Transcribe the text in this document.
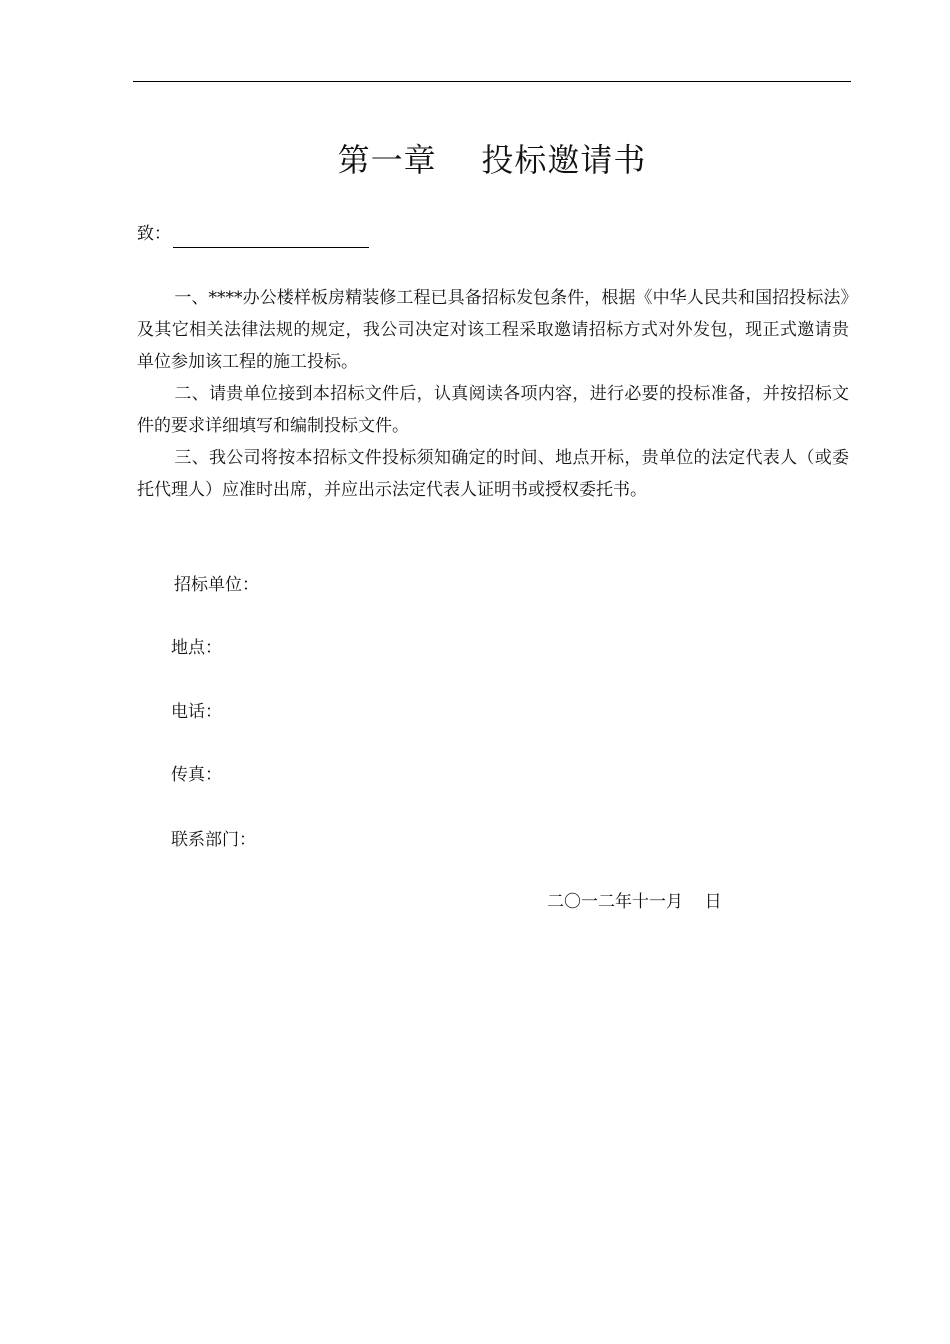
第一章    投标邀请书
致：

一、****办公楼样板房精装修工程已具备招标发包条件，根据《中华人民共和国招投标法》及其它相关法律法规的规定，我公司决定对该工程采取邀请招标方式对外发包，现正式邀请贵单位参加该工程的施工投标。

二、请贵单位接到本招标文件后，认真阅读各项内容，进行必要的投标准备，并按招标文件的要求详细填写和编制投标文件。

三、我公司将按本招标文件投标须知确定的时间、地点开标，贵单位的法定代表人（或委托代理人）应准时出席，并应出示法定代表人证明书或授权委托书。

招标单位：
地点：
电话：
传真：
联系部门：
二〇一二年十一月    日
